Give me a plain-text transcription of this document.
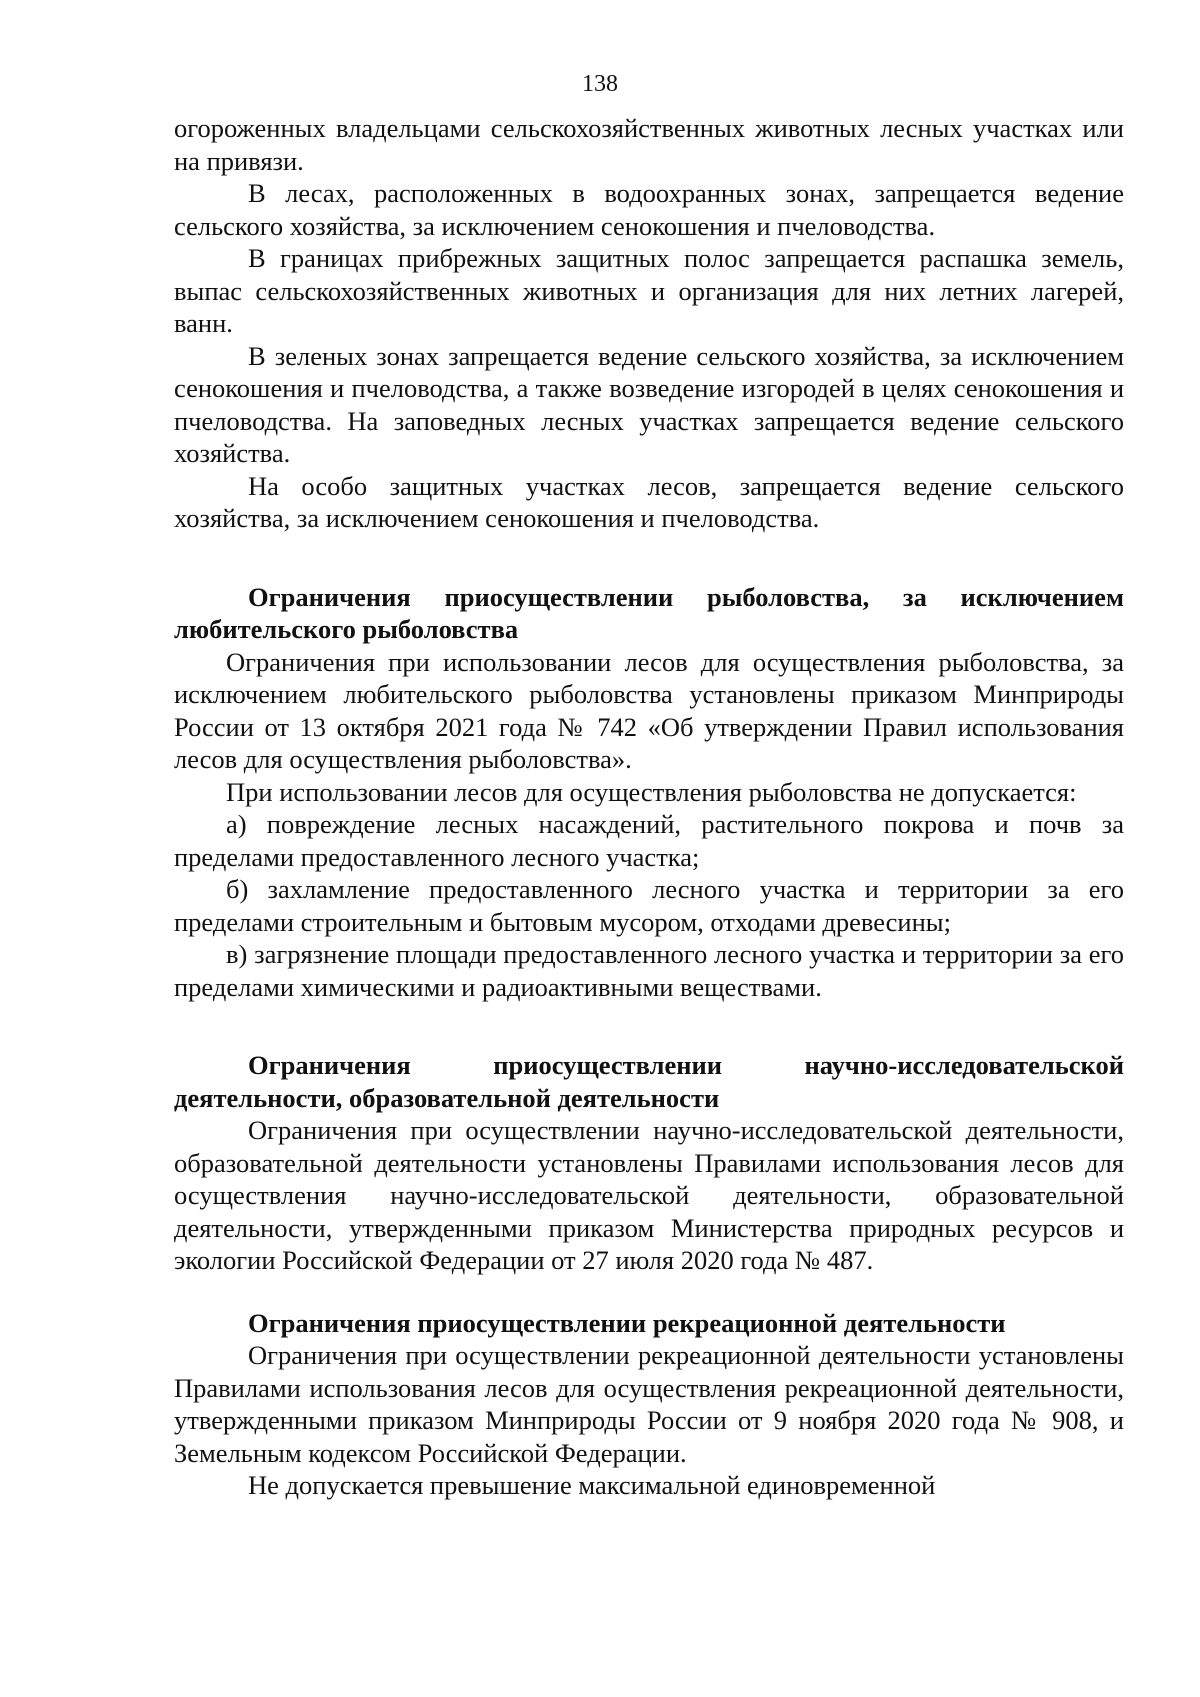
138

огороженных владельцами сельскохозяйственных животных лесных участках или на привязи.

В лесах, расположенных в водоохранных зонах, запрещается ведение сельского хозяйства, за исключением сенокошения и пчеловодства.

В границах прибрежных защитных полос запрещается распашка земель, выпас сельскохозяйственных животных и организация для них летних лагерей, ванн.

В зеленых зонах запрещается ведение сельского хозяйства, за исключением сенокошения и пчеловодства, а также возведение изгородей в целях сенокошения и пчеловодства. На заповедных лесных участках запрещается ведение сельского хозяйства.

На особо защитных участках лесов, запрещается ведение сельского хозяйства, за исключением сенокошения и пчеловодства.

Ограничения приосуществлении рыболовства, за исключением любительского рыболовства

Ограничения при использовании лесов для осуществления рыболовства, за исключением любительского рыболовства установлены приказом Минприроды России от 13 октября 2021 года № 742 «Об утверждении Правил использования лесов для осуществления рыболовства».

При использовании лесов для осуществления рыболовства не допускается:

а) повреждение лесных насаждений, растительного покрова и почв за пределами предоставленного лесного участка;

б) захламление предоставленного лесного участка и территории за его пределами строительным и бытовым мусором, отходами древесины;

в) загрязнение площади предоставленного лесного участка и территории за его пределами химическими и радиоактивными веществами.

Ограничения приосуществлении научно-исследовательской деятельности, образовательной деятельности

Ограничения при осуществлении научно-исследовательской деятельности, образовательной деятельности установлены Правилами использования лесов для осуществления научно-исследовательской деятельности, образовательной деятельности, утвержденными приказом Министерства природных ресурсов и экологии Российской Федерации от 27 июля 2020 года № 487.

Ограничения приосуществлении рекреационной деятельности

Ограничения при осуществлении рекреационной деятельности установлены Правилами использования лесов для осуществления рекреационной деятельности, утвержденными приказом Минприроды России от 9 ноября 2020 года № 908, и Земельным кодексом Российской Федерации.

Не допускается превышение максимальной единовременной
